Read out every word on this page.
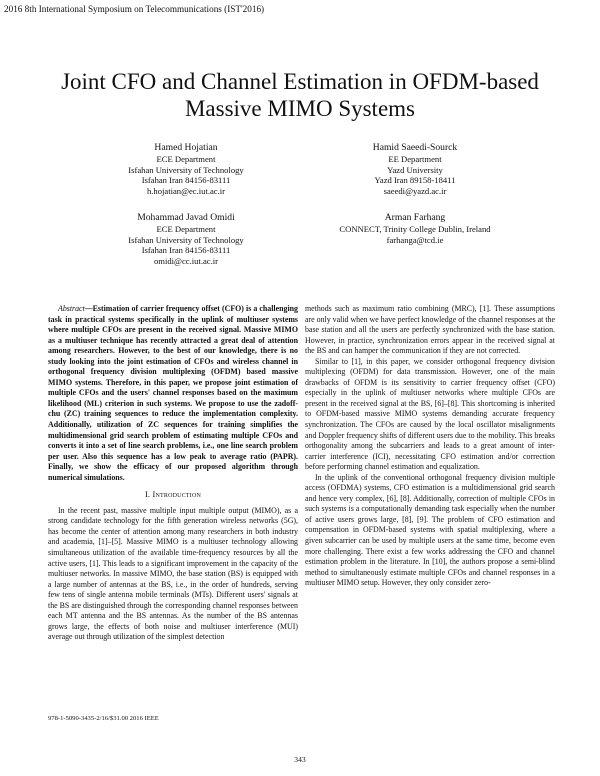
2016 8th International Symposium on Telecommunications (IST'2016)
Joint CFO and Channel Estimation in OFDM-based
Massive MIMO Systems
Hamed Hojatian
ECE Department
Isfahan University of Technology
Isfahan Iran 84156-83111
h.hojatian@ec.iut.ac.ir
Hamid Saeedi-Sourck
EE Department
Yazd University
Yazd Iran 89158-18411
saeedi@yazd.ac.ir
Mohammad Javad Omidi
ECE Department
Isfahan University of Technology
Isfahan Iran 84156-83111
omidi@cc.iut.ac.ir
Arman Farhang
CONNECT, Trinity College Dublin, Ireland
farhanga@tcd.ie

Abstract—Estimation of carrier frequency offset (CFO) is a challenging task in practical systems specifically in the uplink of multiuser systems where multiple CFOs are present in the received signal. Massive MIMO as a multiuser technique has recently attracted a great deal of attention among researchers. However, to the best of our knowledge, there is no study looking into the joint estimation of CFOs and wireless channel in orthogonal frequency division multiplexing (OFDM) based massive MIMO systems. Therefore, in this paper, we propose joint estimation of multiple CFOs and the users' channel responses based on the maximum likelihood (ML) criterion in such systems. We propose to use the zadoff-chu (ZC) training sequences to reduce the implementation complexity. Additionally, utilization of ZC sequences for training simplifies the multidimensional grid search problem of estimating multiple CFOs and converts it into a set of line search problems, i.e., one line search problem per user. Also this sequence has a low peak to average ratio (PAPR). Finally, we show the efficacy of our proposed algorithm through numerical simulations.

I. Introduction

In the recent past, massive multiple input multiple output (MIMO), as a strong candidate technology for the fifth generation wireless networks (5G), has become the center of attention among many researchers in both industry and academia, [1]–[5]. Massive MIMO is a multiuser technology allowing simultaneous utilization of the available time-frequency resources by all the active users, [1]. This leads to a significant improvement in the capacity of the multiuser networks. In massive MIMO, the base station (BS) is equipped with a large number of antennas at the BS, i.e., in the order of hundreds, serving few tens of single antenna mobile terminals (MTs). Different users' signals at the BS are distinguished through the corresponding channel responses between each MT antenna and the BS antennas. As the number of the BS antennas grows large, the effects of both noise and multiuser interference (MUI) average out through utilization of the simplest detection

methods such as maximum ratio combining (MRC), [1]. These assumptions are only valid when we have perfect knowledge of the channel responses at the base station and all the users are perfectly synchronized with the base station. However, in practice, synchronization errors appear in the received signal at the BS and can hamper the communication if they are not corrected.

Similar to [1], in this paper, we consider orthogonal frequency division multiplexing (OFDM) for data transmission. However, one of the main drawbacks of OFDM is its sensitivity to carrier frequency offset (CFO) especially in the uplink of multiuser networks where multiple CFOs are present in the received signal at the BS, [6]–[8]. This shortcoming is inherited to OFDM-based massive MIMO systems demanding accurate frequency synchronization. The CFOs are caused by the local oscillator misalignments and Doppler frequency shifts of different users due to the mobility. This breaks orthogonality among the subcarriers and leads to a great amount of inter-carrier interference (ICI), necessitating CFO estimation and/or correction before performing channel estimation and equalization.

In the uplink of the conventional orthogonal frequency division multiple access (OFDMA) systems, CFO estimation is a multidimensional grid search and hence very complex, [6], [8]. Additionally, correction of multiple CFOs in such systems is a computationally demanding task especially when the number of active users grows large, [8], [9]. The problem of CFO estimation and compensation in OFDM-based systems with spatial multiplexing, where a given subcarrier can be used by multiple users at the same time, become even more challenging. There exist a few works addressing the CFO and channel estimation problem in the literature. In [10], the authors propose a semi-blind method to simultaneously estimate multiple CFOs and channel responses in a multiuser MIMO setup. However, they only consider zero-

978-1-5090-3435-2/16/$31.00 2016 IEEE
343
